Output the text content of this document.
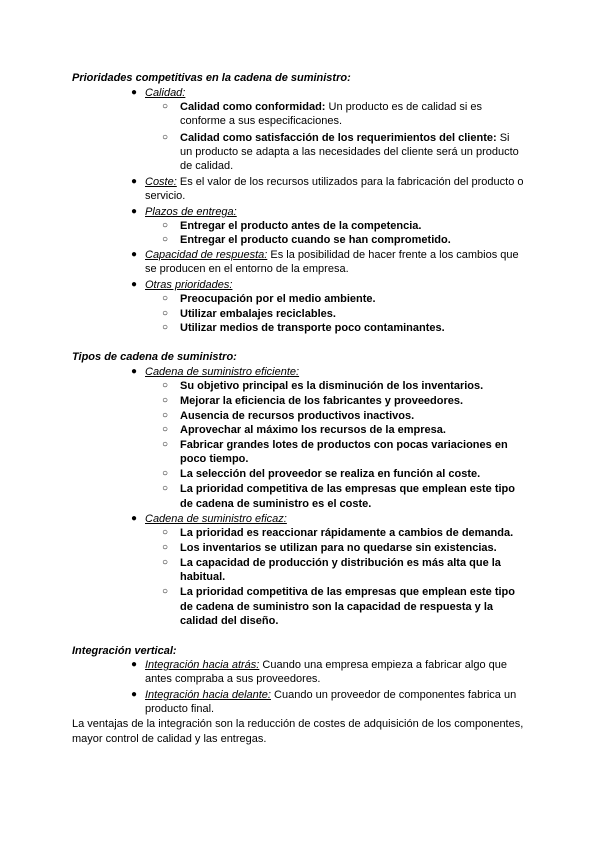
Prioridades competitivas en la cadena de suministro:
● Calidad:
○ Calidad como conformidad: Un producto es de calidad si es
conforme a sus especificaciones.
○ Calidad como satisfacción de los requerimientos del cliente: Si
un producto se adapta a las necesidades del cliente será un producto
de calidad.
● Coste: Es el valor de los recursos utilizados para la fabricación del producto o
servicio.
● Plazos de entrega:
○ Entregar el producto antes de la competencia.
○ Entregar el producto cuando se han comprometido.
● Capacidad de respuesta: Es la posibilidad de hacer frente a los cambios que
se producen en el entorno de la empresa.
● Otras prioridades:
○ Preocupación por el medio ambiente.
○ Utilizar embalajes reciclables.
○ Utilizar medios de transporte poco contaminantes.
Tipos de cadena de suministro:
● Cadena de suministro eficiente:
○ Su objetivo principal es la disminución de los inventarios.
○ Mejorar la eficiencia de los fabricantes y proveedores.
○ Ausencia de recursos productivos inactivos.
○ Aprovechar al máximo los recursos de la empresa.
○ Fabricar grandes lotes de productos con pocas variaciones en
poco tiempo.
○ La selección del proveedor se realiza en función al coste.
○ La prioridad competitiva de las empresas que emplean este tipo
de cadena de suministro es el coste.
● Cadena de suministro eficaz:
○ La prioridad es reaccionar rápidamente a cambios de demanda.
○ Los inventarios se utilizan para no quedarse sin existencias.
○ La capacidad de producción y distribución es más alta que la
habitual.
○ La prioridad competitiva de las empresas que emplean este tipo
de cadena de suministro son la capacidad de respuesta y la
calidad del diseño.
Integración vertical:
● Integración hacia atrás: Cuando una empresa empieza a fabricar algo que
antes compraba a sus proveedores.
● Integración hacia delante: Cuando un proveedor de componentes fabrica un
producto final.
La ventajas de la integración son la reducción de costes de adquisición de los componentes,
mayor control de calidad y las entregas.
